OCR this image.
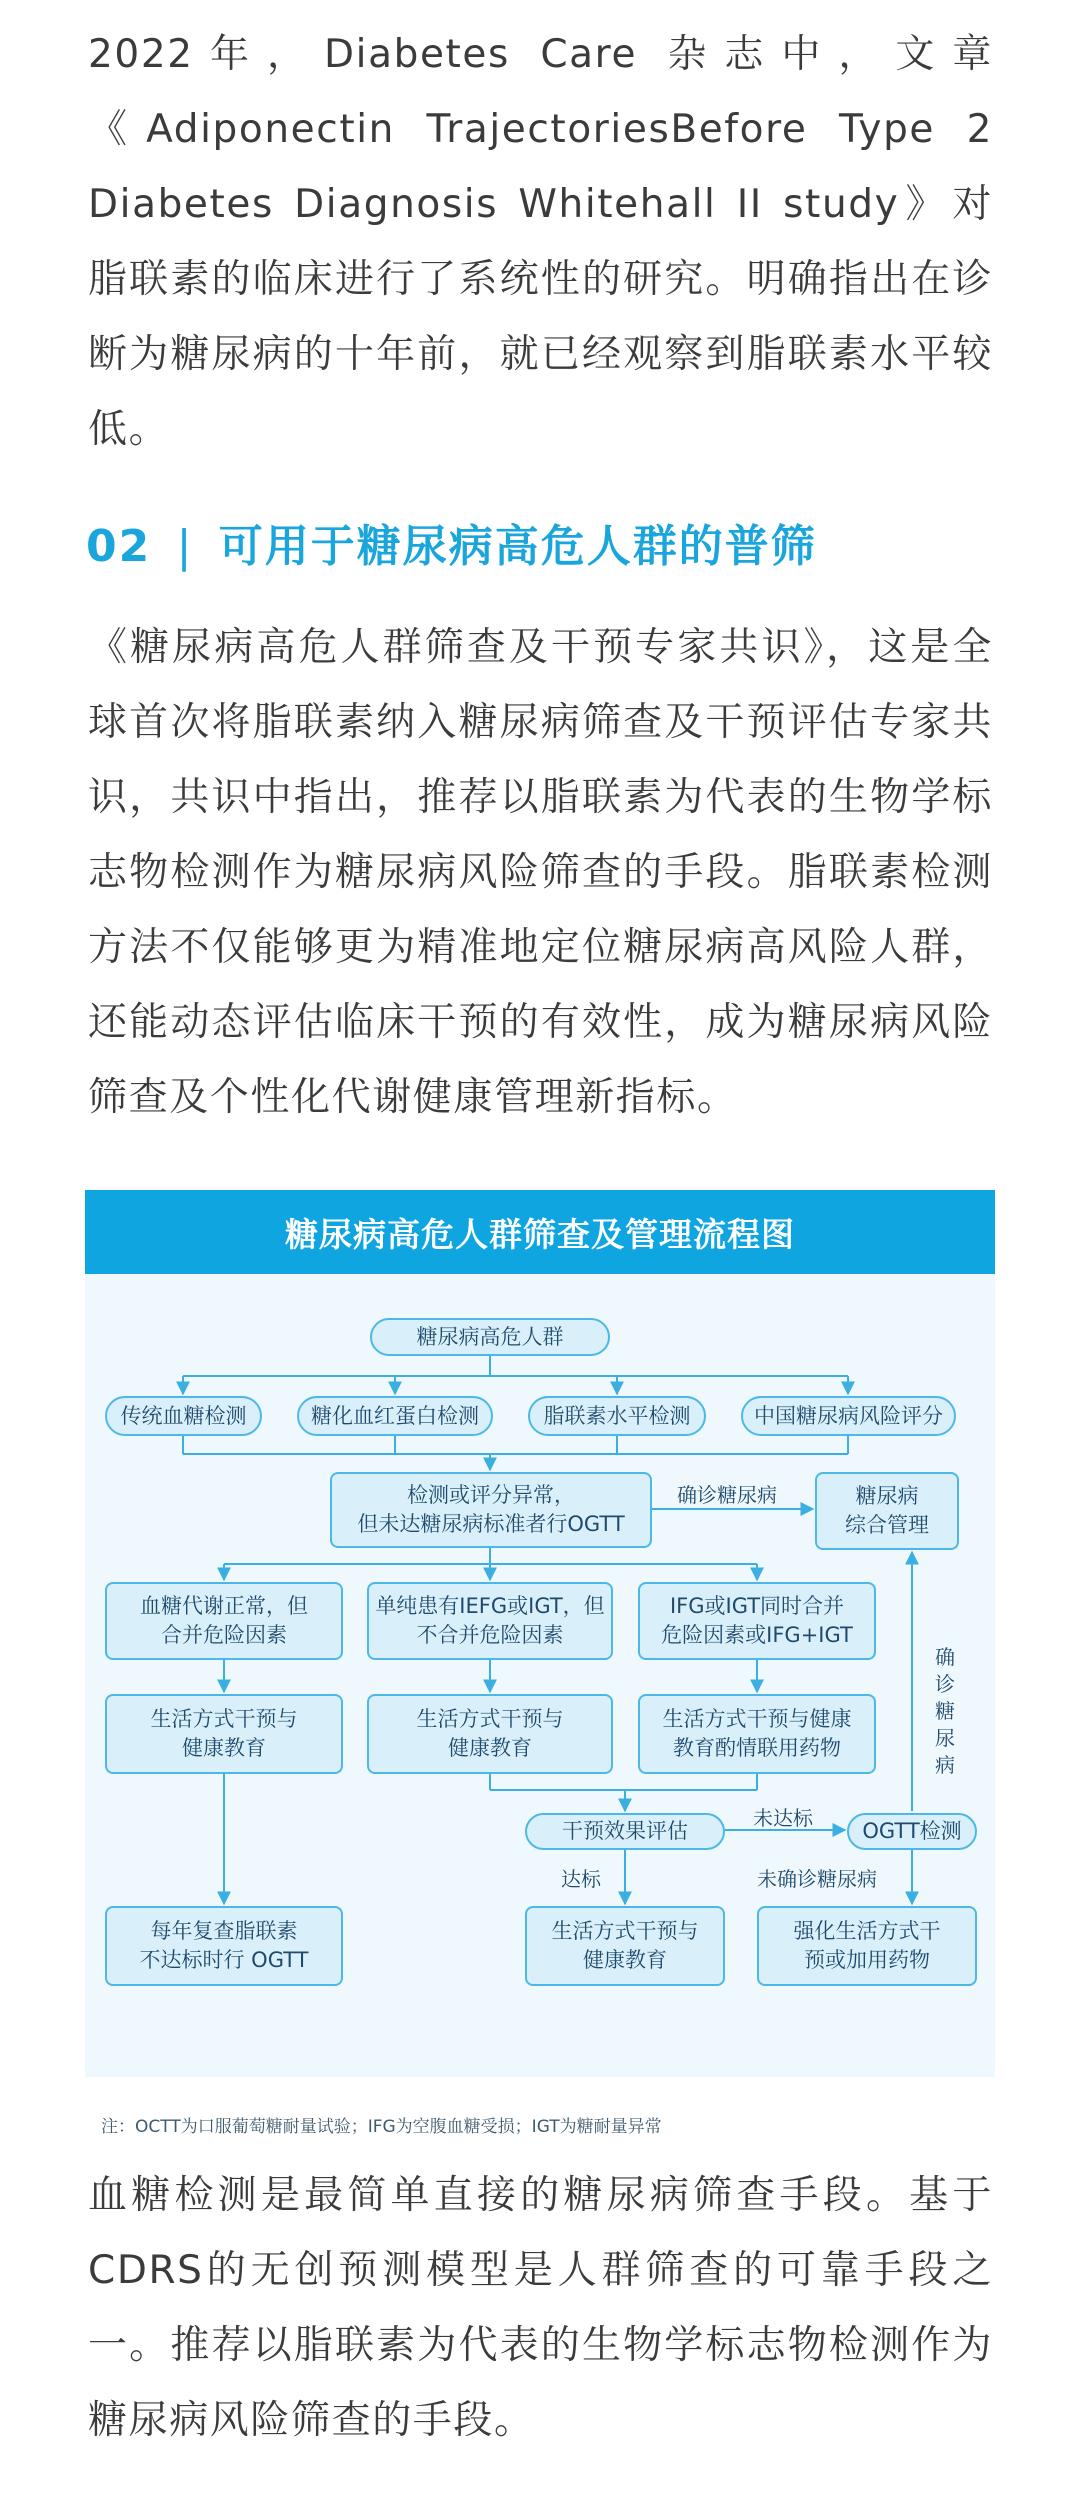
2022年，Diabetes Care 杂志中，文章《Adiponectin TrajectoriesBefore Type 2 Diabetes Diagnosis Whitehall II study》对脂联素的临床进行了系统性的研究。明确指出在诊断为糖尿病的十年前，就已经观察到脂联素水平较低。

02 | 可用于糖尿病高危人群的普筛

《糖尿病高危人群筛查及干预专家共识》，这是全球首次将脂联素纳入糖尿病筛查及干预评估专家共识，共识中指出，推荐以脂联素为代表的生物学标志物检测作为糖尿病风险筛查的手段。脂联素检测方法不仅能够更为精准地定位糖尿病高风险人群，还能动态评估临床干预的有效性，成为糖尿病风险筛查及个性化代谢健康管理新指标。

糖尿病高危人群筛查及管理流程图
糖尿病高危人群
传统血糖检测	糖化血红蛋白检测	脂联素水平检测	中国糖尿病风险评分
检测或评分异常，
但未达糖尿病标准者行OGTT
糖尿病
综合管理
血糖代谢正常，但
合并危险因素
单纯患有IEFG或IGT，但
不合并危险因素
IFG或IGT同时合并
危险因素或IFG+IGT
生活方式干预与
健康教育
生活方式干预与
健康教育
生活方式干预与健康
教育酌情联用药物
干预效果评估	OGTT检测
每年复查脂联素
不达标时行 OGTT
生活方式干预与
健康教育
强化生活方式干
预或加用药物
确诊糖尿病
确诊糖尿病
未达标
达标	未确诊糖尿病
注：OCTT为口服葡萄糖耐量试验；IFG为空腹血糖受损；IGT为糖耐量异常

血糖检测是最简单直接的糖尿病筛查手段。基于CDRS的无创预测模型是人群筛查的可靠手段之一。推荐以脂联素为代表的生物学标志物检测作为糖尿病风险筛查的手段。
